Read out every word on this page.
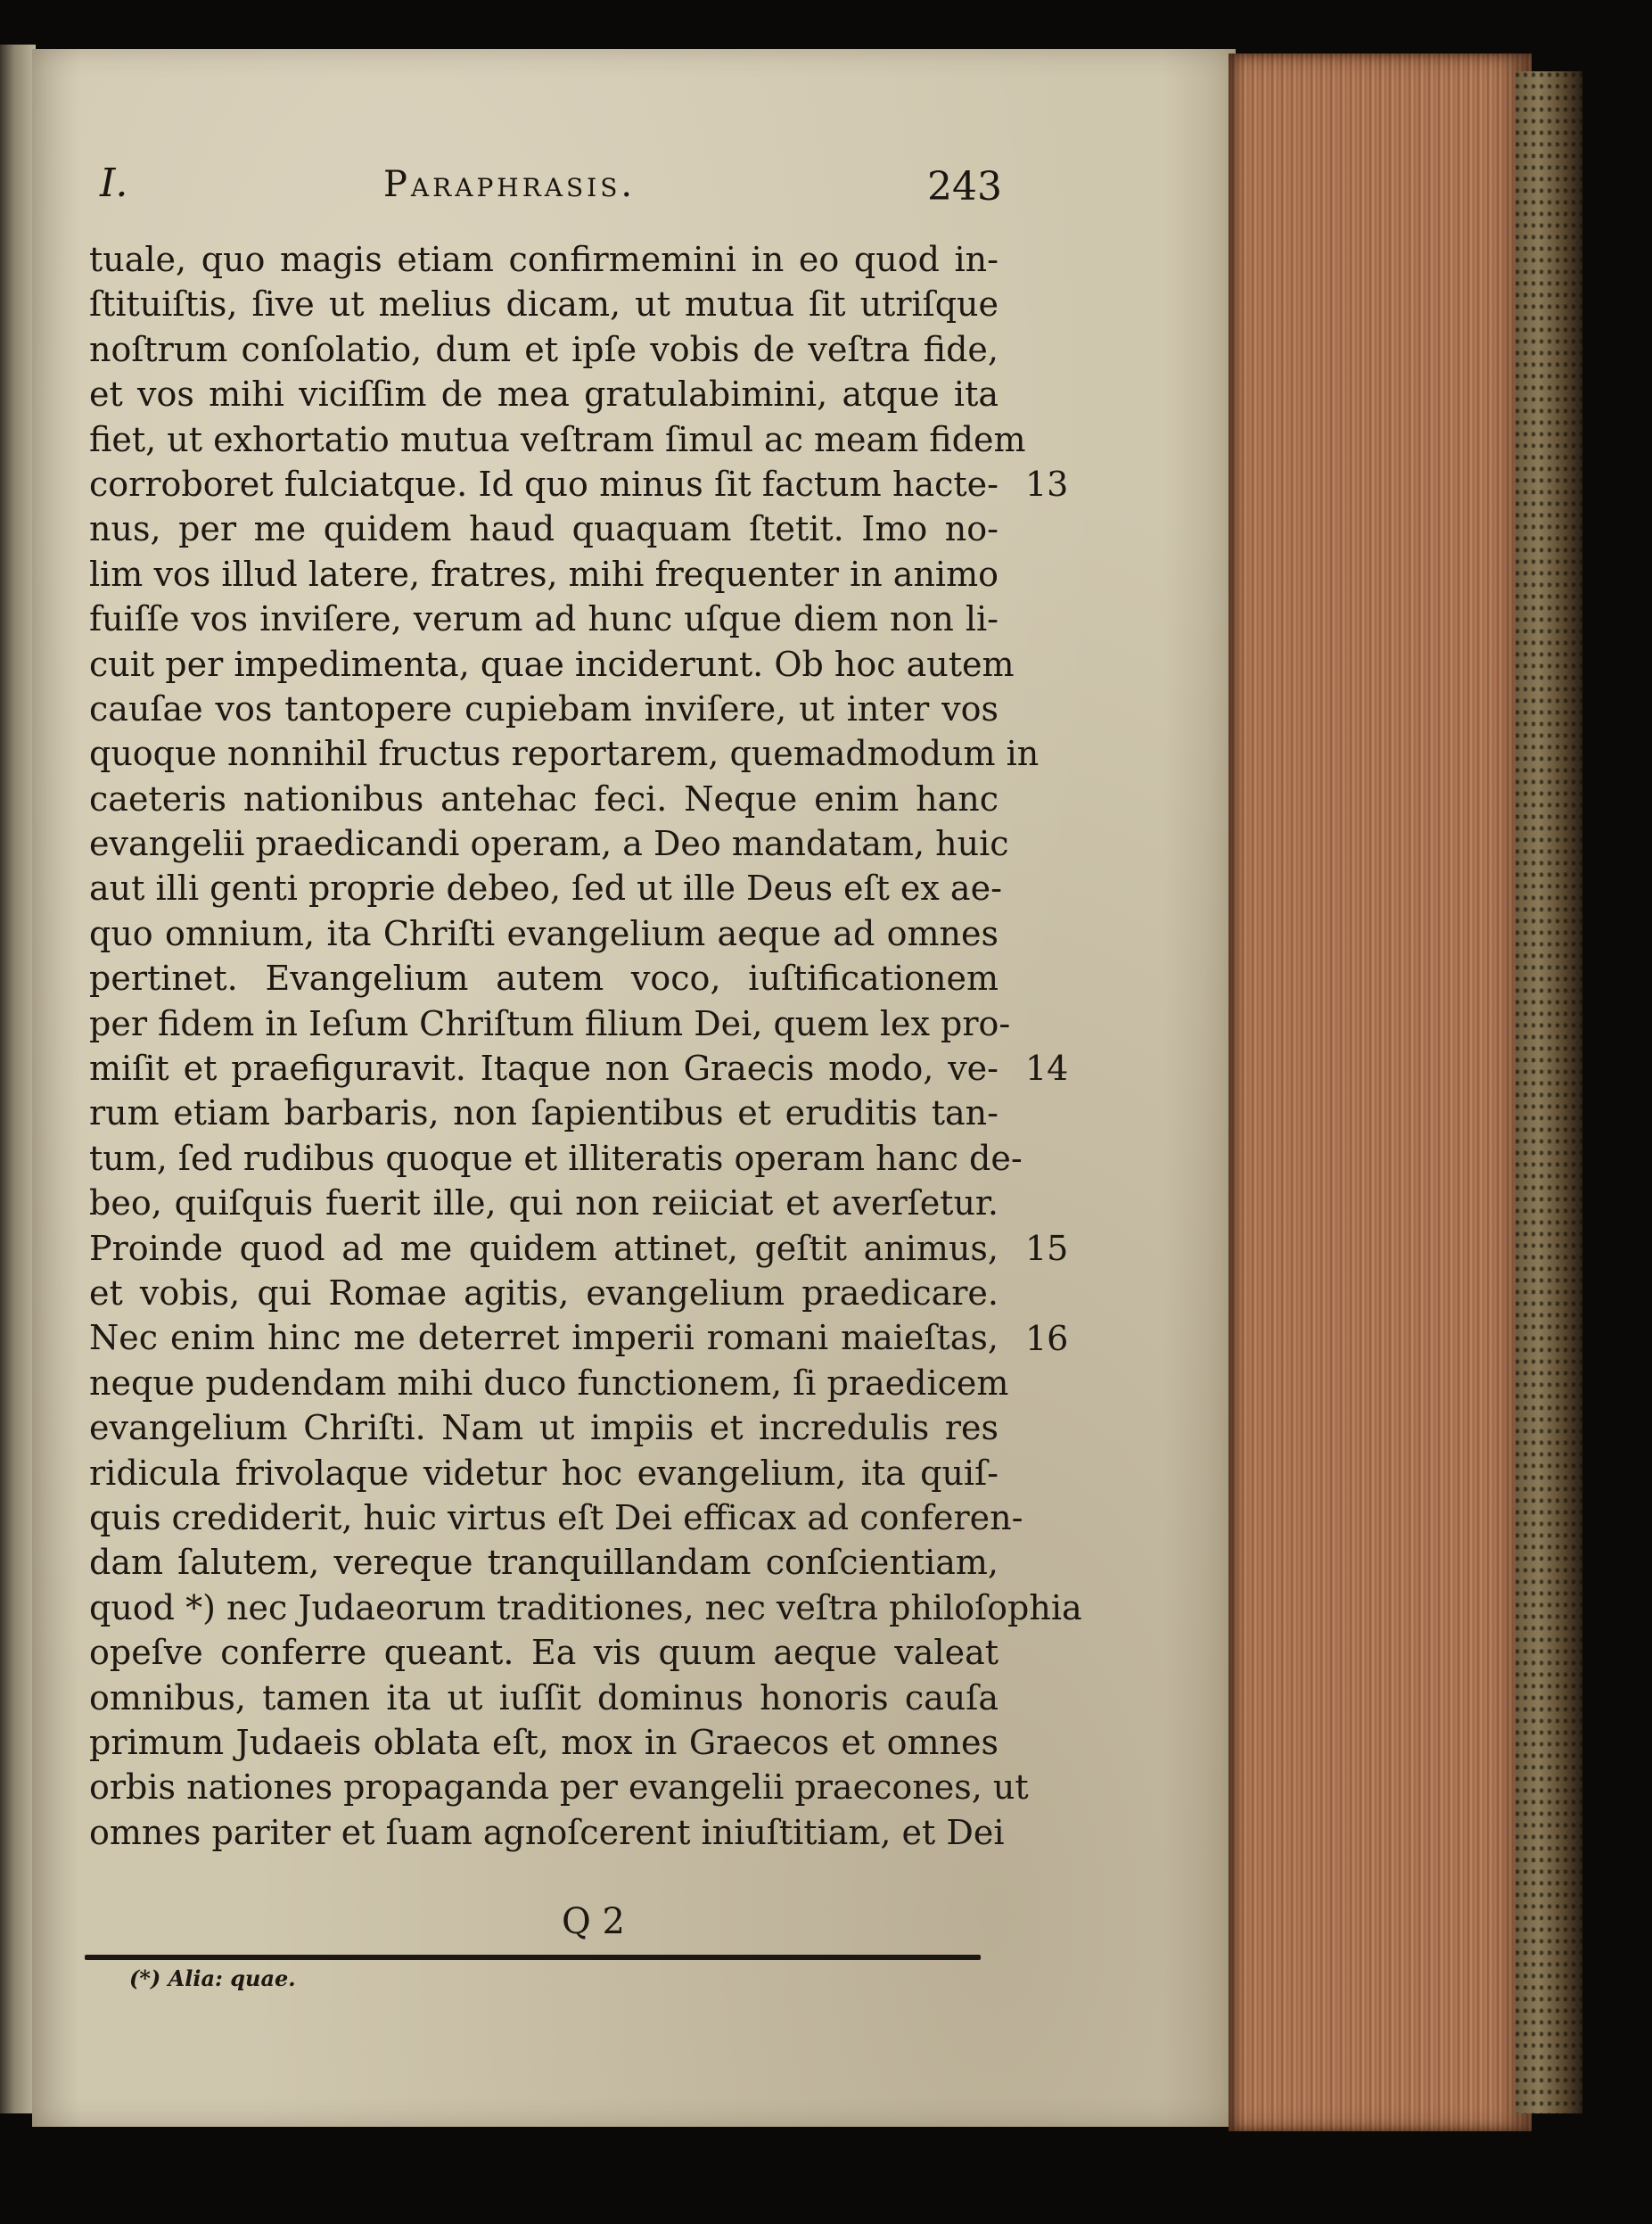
I.	Paraphrasis.	243
tuale, quo magis etiam confirmemini in eo quod in-
ſtituiſtis, ſive ut melius dicam, ut mutua ſit utriſque
noſtrum conſolatio, dum et ipſe vobis de veſtra fide,
et vos mihi viciſſim de mea gratulabimini, atque ita
fiet, ut exhortatio mutua veſtram ſimul ac meam fidem
corroboret fulciatque. Id quo minus ſit factum hacte-
nus, per me quidem haud quaquam ſtetit. Imo no-
lim vos illud latere, fratres, mihi frequenter in animo
fuiſſe vos inviſere, verum ad hunc uſque diem non li-
cuit per impedimenta, quae inciderunt. Ob hoc autem
cauſae vos tantopere cupiebam inviſere, ut inter vos
quoque nonnihil fructus reportarem, quemadmodum in
caeteris nationibus antehac feci. Neque enim hanc
evangelii praedicandi operam, a Deo mandatam, huic
aut illi genti proprie debeo, ſed ut ille Deus eſt ex ae-
quo omnium, ita Chriſti evangelium aeque ad omnes
pertinet. Evangelium autem voco, iuſtificationem
per fidem in Ieſum Chriſtum filium Dei, quem lex pro-
miſit et praefiguravit. Itaque non Graecis modo, ve-
rum etiam barbaris, non ſapientibus et eruditis tan-
tum, ſed rudibus quoque et illiteratis operam hanc de-
beo, quiſquis fuerit ille, qui non reiiciat et averſetur.
Proinde quod ad me quidem attinet, geſtit animus,
et vobis, qui Romae agitis, evangelium praedicare.
Nec enim hinc me deterret imperii romani maieſtas,
neque pudendam mihi duco functionem, ſi praedicem
evangelium Chriſti. Nam ut impiis et incredulis res
ridicula frivolaque videtur hoc evangelium, ita quiſ-
quis crediderit, huic virtus eſt Dei efficax ad conferen-
dam ſalutem, vereque tranquillandam conſcientiam,
quod *) nec Judaeorum traditiones, nec veſtra philoſophia
opeſve conferre queant. Ea vis quum aeque valeat
omnibus, tamen ita ut iuſſit dominus honoris cauſa
primum Judaeis oblata eſt, mox in Graecos et omnes
orbis nationes propaganda per evangelii praecones, ut
omnes pariter et ſuam agnoſcerent iniuſtitiam, et Dei
13
14
15
16
Q 2
(*) Alia: quae.
